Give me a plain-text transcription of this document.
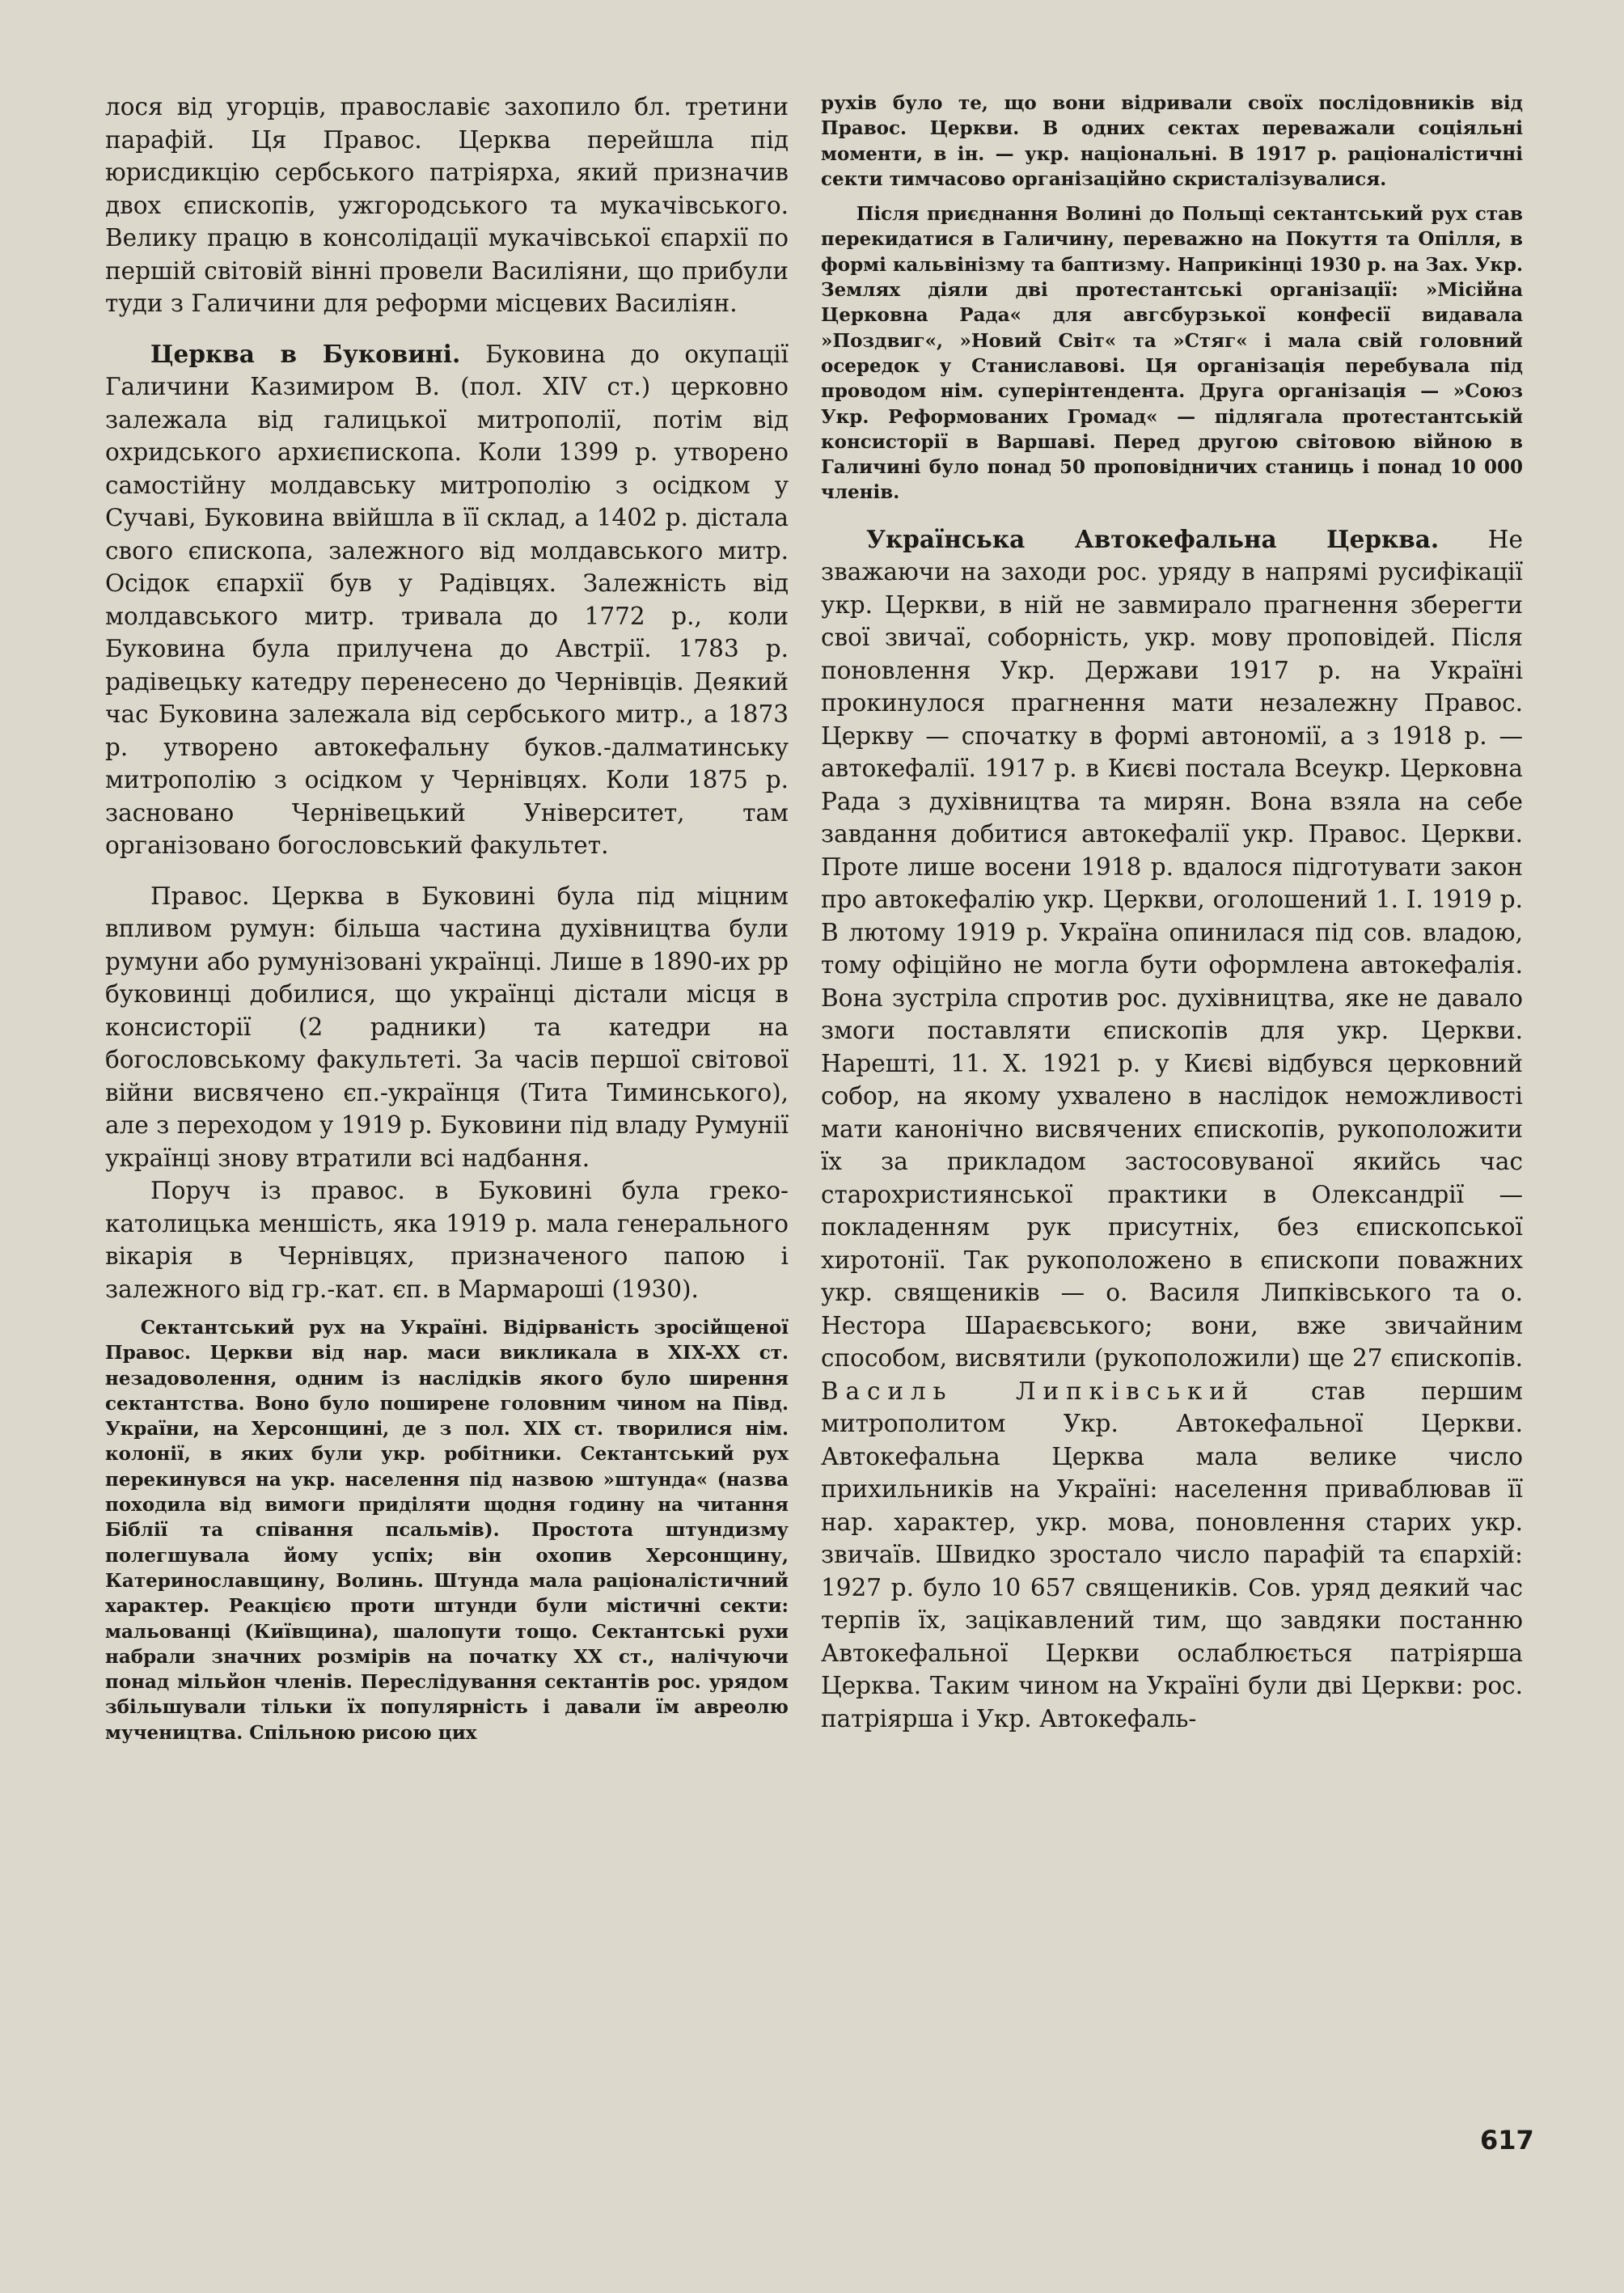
лося від угорців, православіє захопило бл. третини парафій. Ця Правос. Церква перейшла під юрисдикцію сербського патріярха, який призначив двох єпископів, ужгородського та мукачівського. Велику працю в консолідації мукачівської єпархії по першій світовій вінні провели Василіяни, що прибули туди з Галичини для реформи місцевих Василіян.

Церква в Буковині. Буковина до окупації Галичини Казимиром В. (пол. XIV ст.) церковно залежала від галицької митрополії, потім від охридського архиєпископа. Коли 1399 р. утворено самостійну молдавську митрополію з осідком у Сучаві, Буковина ввійшла в її склад, а 1402 р. дістала свого єпископа, залежного від молдавського митр. Осідок єпархії був у Радівцях. Залежність від молдавського митр. тривала до 1772 р., коли Буковина була прилучена до Австрії. 1783 р. радівецьку катедру перенесено до Чернівців. Деякий час Буковина залежала від сербського митр., а 1873 р. утворено автокефальну буков.-далматинську митрополію з осідком у Чернівцях. Коли 1875 р. засновано Чернівецький Університет, там організовано богословський факультет.

Правос. Церква в Буковині була під міцним впливом румун: більша частина духівництва були румуни або румунізовані українці. Лише в 1890-их рр буковинці добилися, що українці дістали місця в консисторії (2 радники) та катедри на богословському факультеті. За часів першої світової війни висвячено єп.-українця (Тита Тиминського), але з переходом у 1919 р. Буковини під владу Румунії українці знову втратили всі надбання.

Поруч із правос. в Буковині була греко-католицька меншість, яка 1919 р. мала генерального вікарія в Чернівцях, призначеного папою і залежного від гр.-кат. єп. в Мармароші (1930).

Сектантський рух на Україні. Відірваність зросійщеної Правос. Церкви від нар. маси викликала в XIX-XX ст. незадоволення, одним із наслідків якого було ширення сектантства. Воно було поширене головним чином на Півд. України, на Херсонщині, де з пол. XIX ст. творилися нім. колонії, в яких були укр. робітники. Сектантський рух перекинувся на укр. населення під назвою »штунда« (назва походила від вимоги приділяти щодня годину на читання Біблії та співання псальмів). Простота штундизму полегшувала йому успіх; він охопив Херсонщину, Катеринославщину, Волинь. Штунда мала раціоналістичний характер. Реакцією проти штунди були містичні секти: мальованці (Київщина), шалопути тощо. Сектантські рухи набрали значних розмірів на початку XX ст., налічуючи понад мільйон членів. Переслідування сектантів рос. урядом збільшували тільки їх популярність і давали їм авреолю мучеництва. Спільною рисою цих

рухів було те, що вони відривали своїх послідовників від Правос. Церкви. В одних сектах переважали соціяльні моменти, в ін. — укр. національні. В 1917 р. раціоналістичні секти тимчасово організаційно скристалізувалися.

Після приєднання Волині до Польщі сектантський рух став перекидатися в Галичину, переважно на Покуття та Опілля, в формі кальвінізму та баптизму. Наприкінці 1930 р. на Зах. Укр. Землях діяли дві протестантські організації: »Місійна Церковна Рада« для авгсбурзької конфесії видавала »Поздвиг«, »Новий Світ« та »Стяг« і мала свій головний осередок у Станиславові. Ця організація перебувала під проводом нім. суперінтендента. Друга організація — »Союз Укр. Реформованих Громад« — підлягала протестантській консисторії в Варшаві. Перед другою світовою війною в Галичині було понад 50 проповідничих станиць і понад 10 000 членів.

Українська Автокефальна Церква. Не зважаючи на заходи рос. уряду в напрямі русифікації укр. Церкви, в ній не завмирало прагнення зберегти свої звичаї, соборність, укр. мову проповідей. Після поновлення Укр. Держави 1917 р. на Україні прокинулося прагнення мати незалежну Правос. Церкву — спочатку в формі автономії, а з 1918 р. — автокефалії. 1917 р. в Києві постала Всеукр. Церковна Рада з духівництва та мирян. Вона взяла на себе завдання добитися автокефалії укр. Правос. Церкви. Проте лише восени 1918 р. вдалося підготувати закон про автокефалію укр. Церкви, оголошений 1. І. 1919 р. В лютому 1919 р. Україна опинилася під сов. владою, тому офіційно не могла бути оформлена автокефалія. Вона зустріла спротив рос. духівництва, яке не давало змоги поставляти єпископів для укр. Церкви. Нарешті, 11. Х. 1921 р. у Києві відбувся церковний собор, на якому ухвалено в наслідок неможливості мати канонічно висвячених єпископів, рукоположити їх за прикладом застосовуваної якийсь час старохристиянської практики в Олександрії — покладенням рук присутніх, без єпископської хиротонії. Так рукоположено в єпископи поважних укр. священиків — о. Василя Липківського та о. Нестора Шараєвського; вони, вже звичайним способом, висвятили (рукоположили) ще 27 єпископів. Василь Липківський став першим митрополитом Укр. Автокефальної Церкви. Автокефальна Церква мала велике число прихильників на Україні: населення приваблював її нар. характер, укр. мова, поновлення старих укр. звичаїв. Швидко зростало число парафій та єпархій: 1927 р. було 10 657 священиків. Сов. уряд деякий час терпів їх, зацікавлений тим, що завдяки постанню Автокефальної Церкви ослаблюється патріярша Церква. Таким чином на Україні були дві Церкви: рос. патріярша і Укр. Автокефаль-

617
